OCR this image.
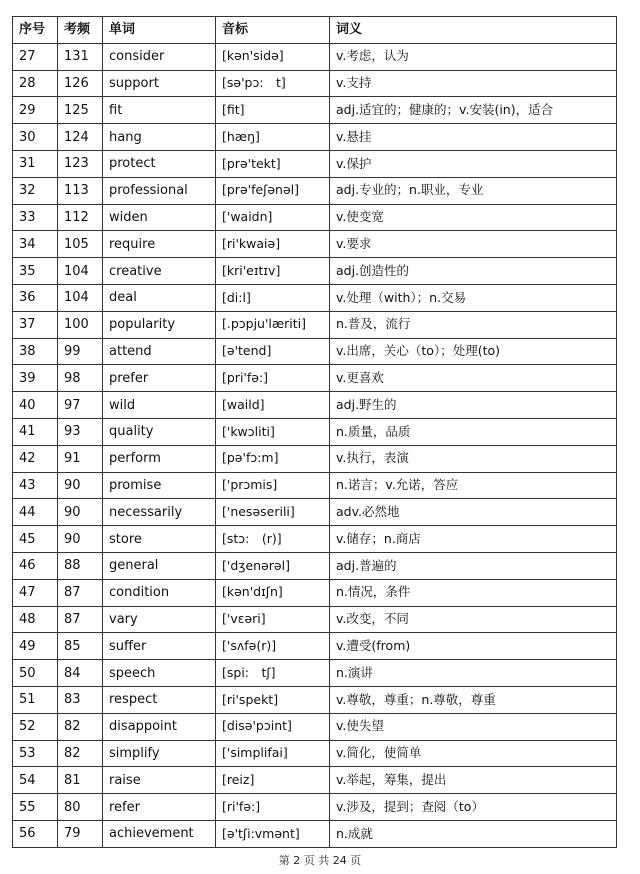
序号	考频	单词	音标	词义
27	131	consider	[kən'sidə]	v.考虑，认为
28	126	support	[sə'pɔ:　t]	v.支持
29	125	fit	[fit]	adj.适宜的；健康的；v.安装(in)，适合
30	124	hang	[hæŋ]	v.悬挂
31	123	protect	[prə'tekt]	v.保护
32	113	professional	[prə'feʃənəl]	adj.专业的；n.职业，专业
33	112	widen	['waidn]	v.使变宽
34	105	require	[ri'kwaiə]	v.要求
35	104	creative	[kri'eɪtɪv]	adj.创造性的
36	104	deal	[di:l]	v.处理（with）；n.交易
37	100	popularity	[.pɔpju'læriti]	n.普及，流行
38	99	attend	[ə'tend]	v.出席，关心（to）；处理(to)
39	98	prefer	[pri'fə:]	v.更喜欢
40	97	wild	[waild]	adj.野生的
41	93	quality	['kwɔliti]	n.质量，品质
42	91	perform	[pə'fɔ:m]	v.执行，表演
43	90	promise	['prɔmis]	n.诺言；v.允诺，答应
44	90	necessarily	['nesəserili]	adv.必然地
45	90	store	[stɔ:　(r)]	v.储存；n.商店
46	88	general	['dʒenərəl]	adj.普遍的
47	87	condition	[kən'dɪʃn]	n.情况，条件
48	87	vary	['vɛəri]	v.改变，不同
49	85	suffer	['sʌfə(r)]	v.遭受(from)
50	84	speech	[spi:　tʃ]	n.演讲
51	83	respect	[ri'spekt]	v.尊敬，尊重；n.尊敬，尊重
52	82	disappoint	[disə'pɔint]	v.使失望
53	82	simplify	['simplifai]	v.简化，使简单
54	81	raise	[reiz]	v.举起，筹集，提出
55	80	refer	[ri'fə:]	v.涉及，提到；查阅（to）
56	79	achievement	[ə'tʃi:vmənt]	n.成就
第 2 页 共 24 页
